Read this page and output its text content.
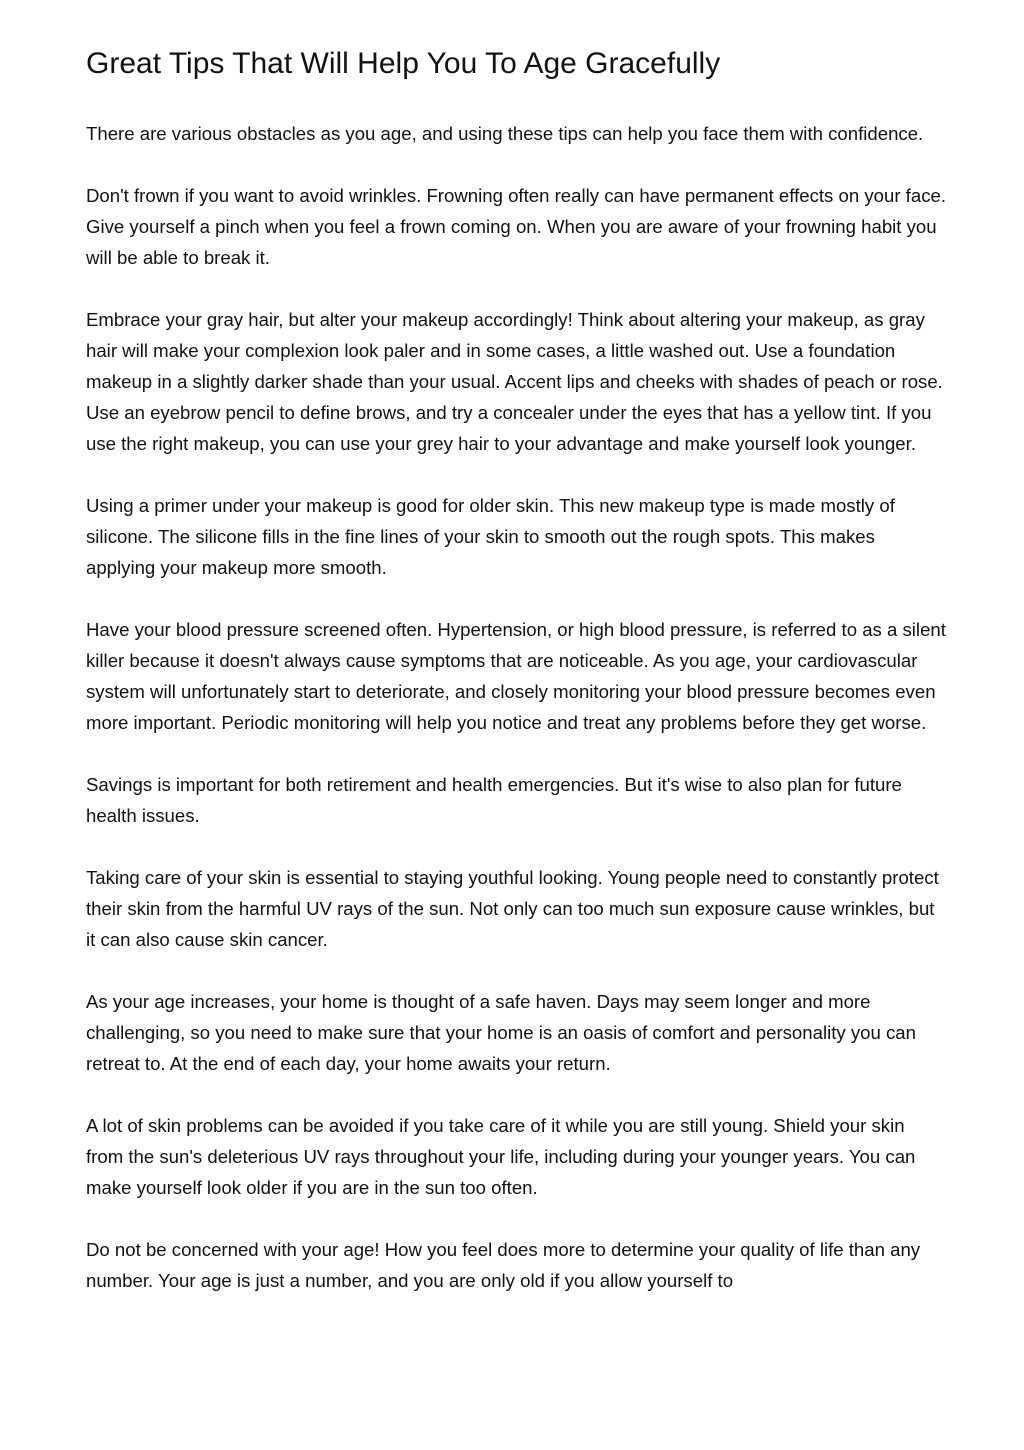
Great Tips That Will Help You To Age Gracefully

There are various obstacles as you age, and using these tips can help you face them with confidence.

Don't frown if you want to avoid wrinkles. Frowning often really can have permanent effects on your face. Give yourself a pinch when you feel a frown coming on. When you are aware of your frowning habit you will be able to break it.

Embrace your gray hair, but alter your makeup accordingly! Think about altering your makeup, as gray hair will make your complexion look paler and in some cases, a little washed out. Use a foundation makeup in a slightly darker shade than your usual. Accent lips and cheeks with shades of peach or rose. Use an eyebrow pencil to define brows, and try a concealer under the eyes that has a yellow tint. If you use the right makeup, you can use your grey hair to your advantage and make yourself look younger.

Using a primer under your makeup is good for older skin. This new makeup type is made mostly of silicone. The silicone fills in the fine lines of your skin to smooth out the rough spots. This makes applying your makeup more smooth.

Have your blood pressure screened often. Hypertension, or high blood pressure, is referred to as a silent killer because it doesn't always cause symptoms that are noticeable. As you age, your cardiovascular system will unfortunately start to deteriorate, and closely monitoring your blood pressure becomes even more important. Periodic monitoring will help you notice and treat any problems before they get worse.

Savings is important for both retirement and health emergencies. But it's wise to also plan for future health issues.

Taking care of your skin is essential to staying youthful looking. Young people need to constantly protect their skin from the harmful UV rays of the sun. Not only can too much sun exposure cause wrinkles, but it can also cause skin cancer.

As your age increases, your home is thought of a safe haven. Days may seem longer and more challenging, so you need to make sure that your home is an oasis of comfort and personality you can retreat to. At the end of each day, your home awaits your return.

A lot of skin problems can be avoided if you take care of it while you are still young. Shield your skin from the sun's deleterious UV rays throughout your life, including during your younger years. You can make yourself look older if you are in the sun too often.

Do not be concerned with your age! How you feel does more to determine your quality of life than any number. Your age is just a number, and you are only old if you allow yourself to
